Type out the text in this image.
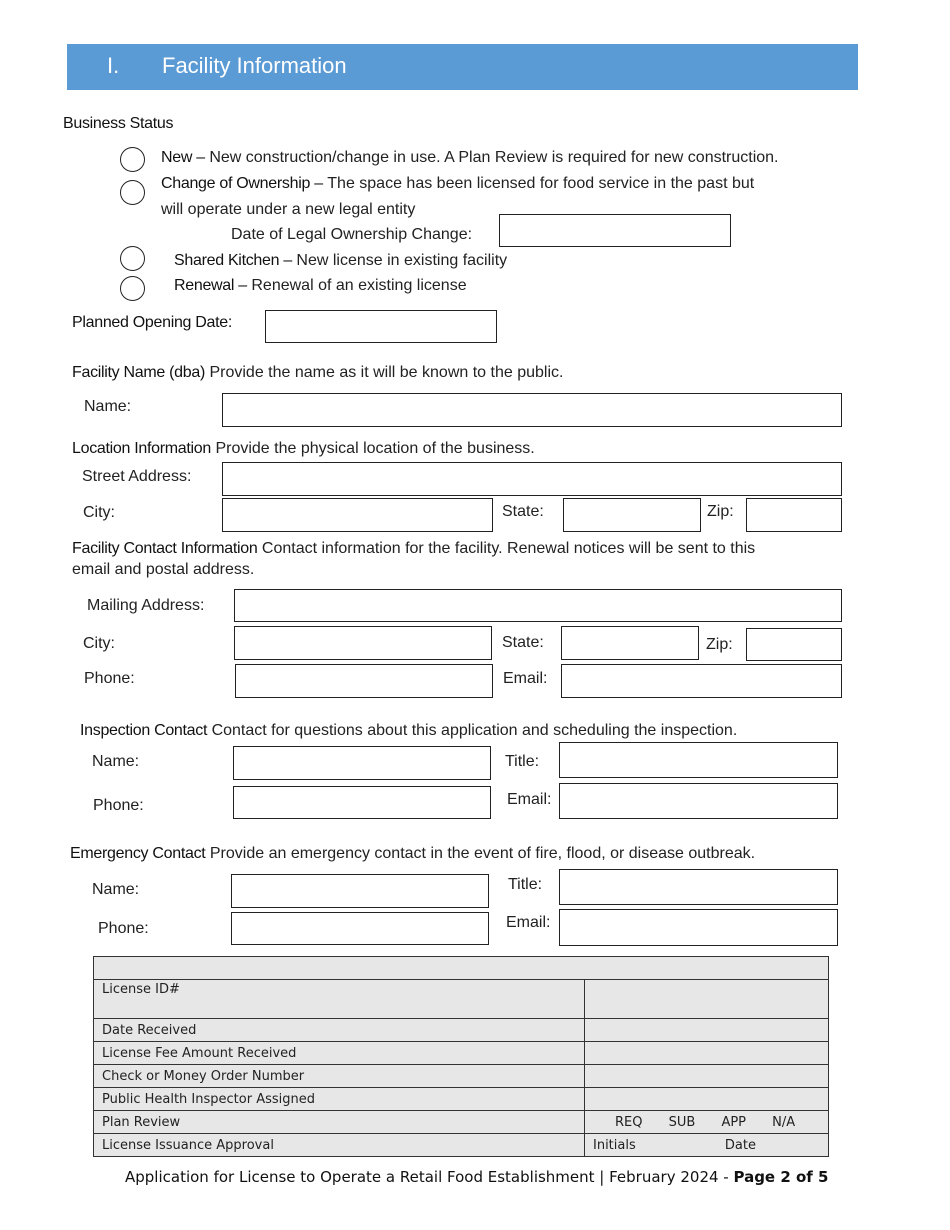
I. Facility Information
Business Status
New – New construction/change in use. A Plan Review is required for new construction.
Change of Ownership – The space has been licensed for food service in the past but
will operate under a new legal entity
Date of Legal Ownership Change:
Shared Kitchen – New license in existing facility
Renewal – Renewal of an existing license
Planned Opening Date:
Facility Name (dba) Provide the name as it will be known to the public.
Name:
Location Information Provide the physical location of the business.
Street Address:
City:	State:	Zip:
Facility Contact Information Contact information for the facility. Renewal notices will be sent to this
email and postal address.
Mailing Address:
City:	State:	Zip:
Phone:	Email:
Inspection Contact Contact for questions about this application and scheduling the inspection.
Name:	Title:
Phone:	Email:
Emergency Contact Provide an emergency contact in the event of fire, flood, or disease outbreak.
Name:	Title:
Phone:	Email:

License ID#	
Date Received	
License Fee Amount Received	
Check or Money Order Number	
Public Health Inspector Assigned	
Plan Review	REQ SUB APP N/A
License Issuance Approval	Initials Date
Application for License to Operate a Retail Food Establishment | February 2024 - Page 2 of 5
